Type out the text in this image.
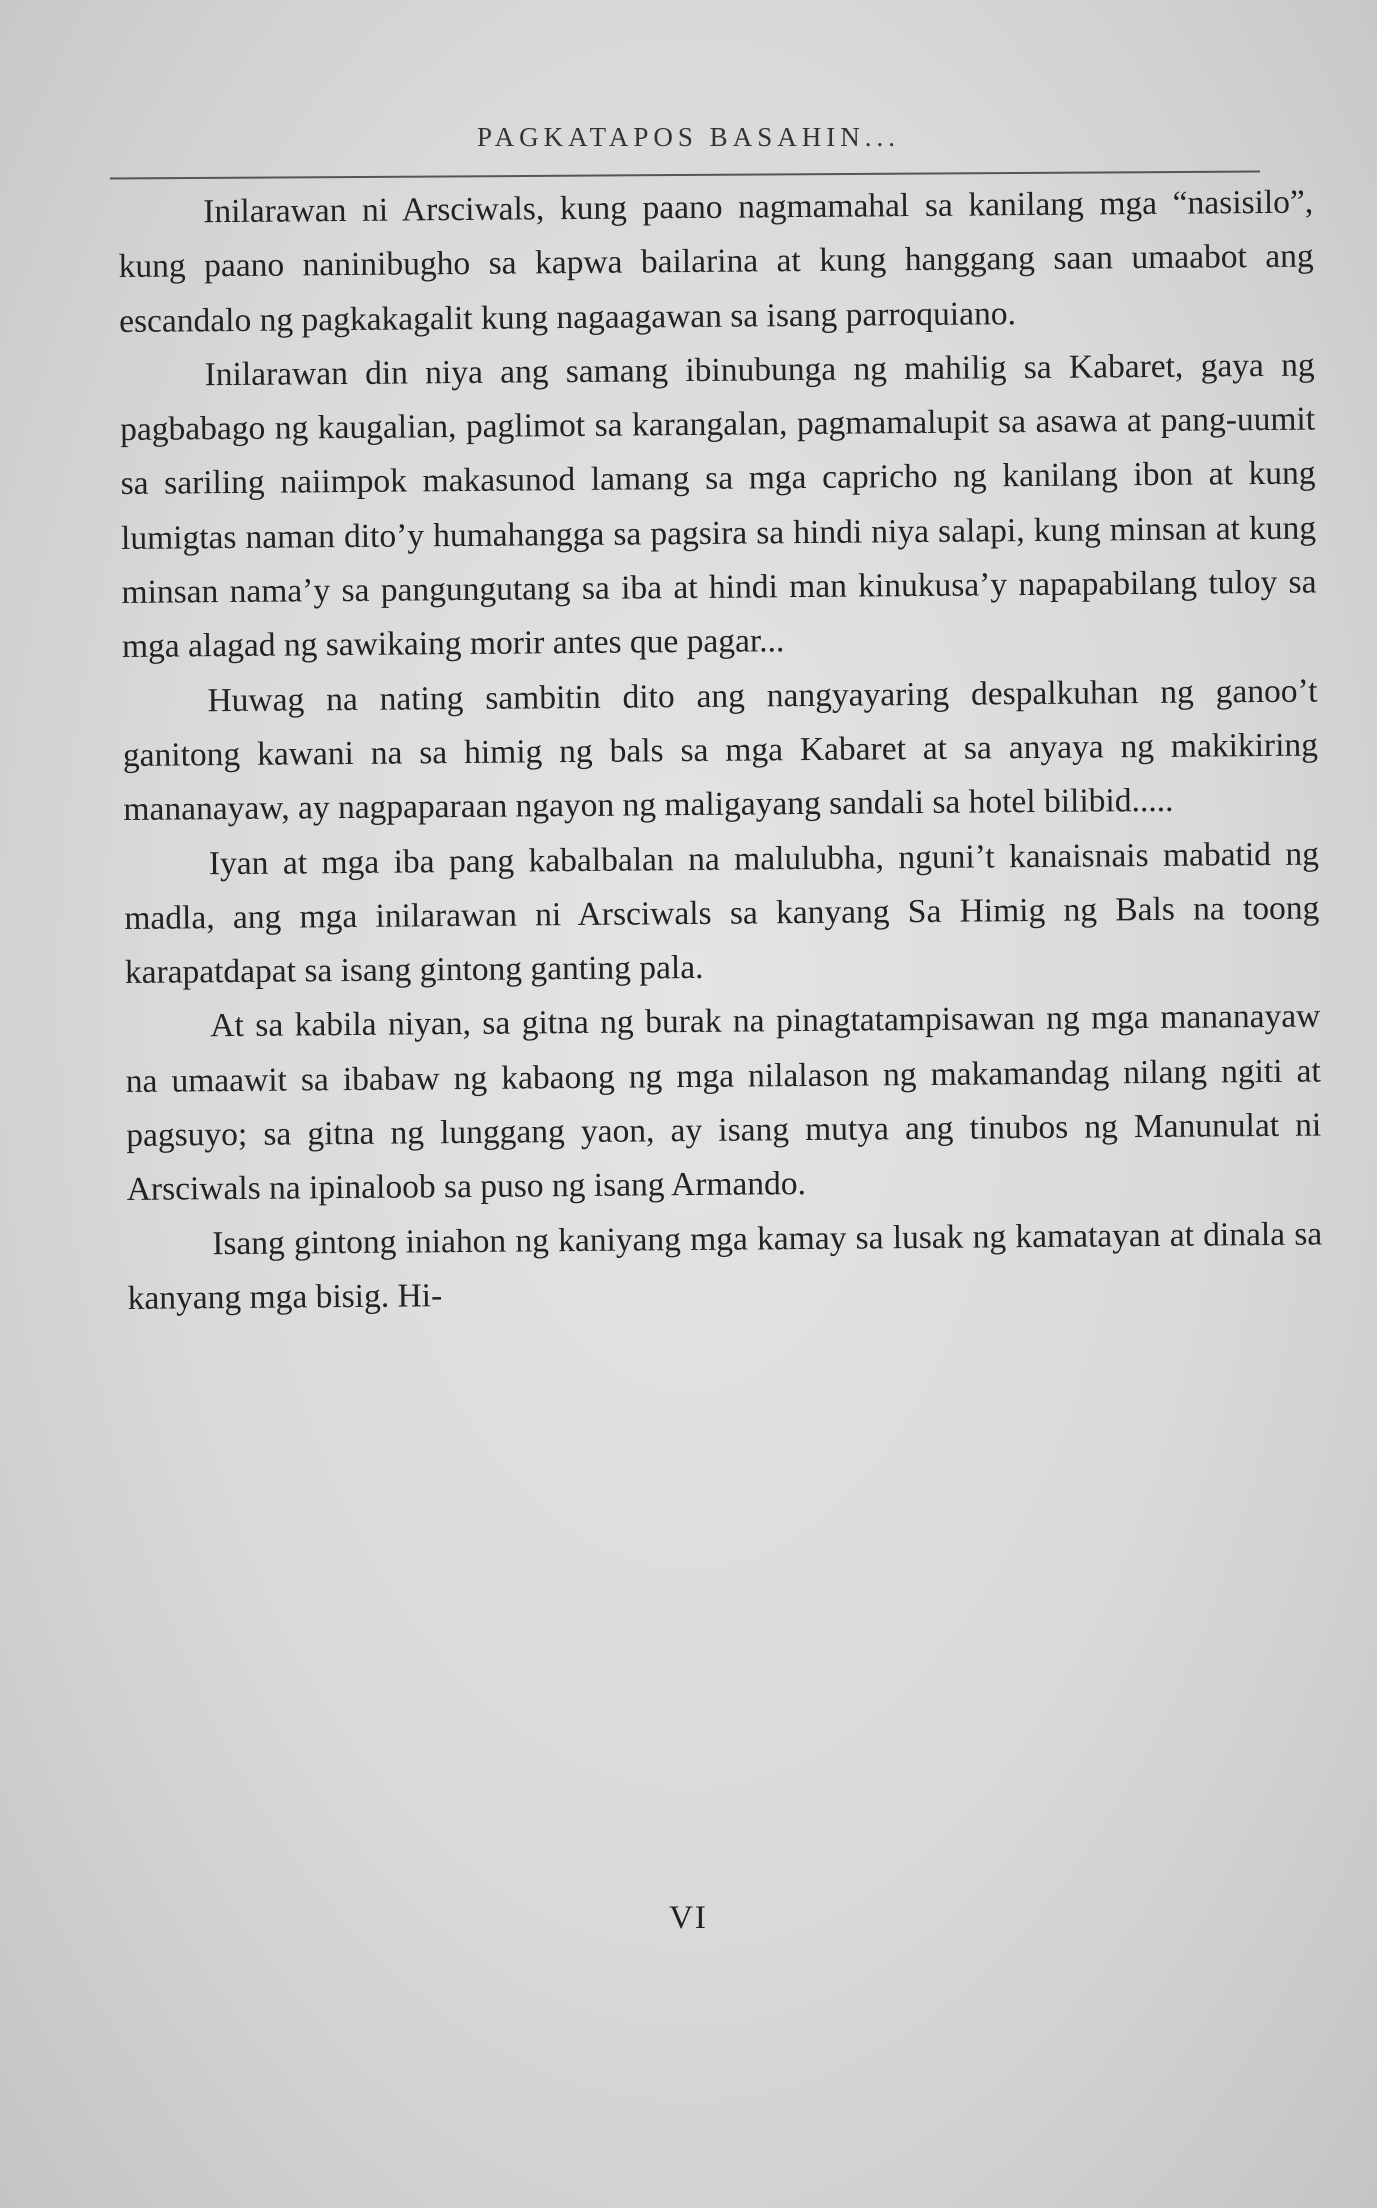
PAGKATAPOS BASAHIN...

Inilarawan ni Arsciwals, kung paano nagmamahal sa kanilang mga “nasisilo”, kung paano naninibugho sa kapwa bailarina at kung hanggang saan umaabot ang escandalo ng pagkakagalit kung nagaagawan sa isang parroquiano.

Inilarawan din niya ang samang ibinubunga ng mahilig sa Kabaret, gaya ng pagbabago ng kaugalian, paglimot sa karangalan, pagmamalupit sa asawa at pang-uumit sa sariling naiimpok makasunod lamang sa mga capricho ng kanilang ibon at kung lumigtas naman dito’y humahangga sa pagsira sa hindi niya salapi, kung minsan at kung minsan nama’y sa pangungutang sa iba at hindi man kinukusa’y napapabilang tuloy sa mga alagad ng sawikaing morir antes que pagar...

Huwag na nating sambitin dito ang nangyayaring despalkuhan ng ganoo’t ganitong kawani na sa himig ng bals sa mga Kabaret at sa anyaya ng makikiring mananayaw, ay nagpaparaan ngayon ng maligayang sandali sa hotel bilibid.....

Iyan at mga iba pang kabalbalan na malulubha, nguni’t kanaisnais mabatid ng madla, ang mga inilarawan ni Arsciwals sa kanyang Sa Himig ng Bals na toong karapatdapat sa isang gintong ganting pala.

At sa kabila niyan, sa gitna ng burak na pinagtatampisawan ng mga mananayaw na umaawit sa ibabaw ng kabaong ng mga nilalason ng makamandag nilang ngiti at pagsuyo; sa gitna ng lunggang yaon, ay isang mutya ang tinubos ng Manunulat ni Arsciwals na ipinaloob sa puso ng isang Armando.

Isang gintong iniahon ng kaniyang mga kamay sa lusak ng kamatayan at dinala sa kanyang mga bisig. Hi-

VI
